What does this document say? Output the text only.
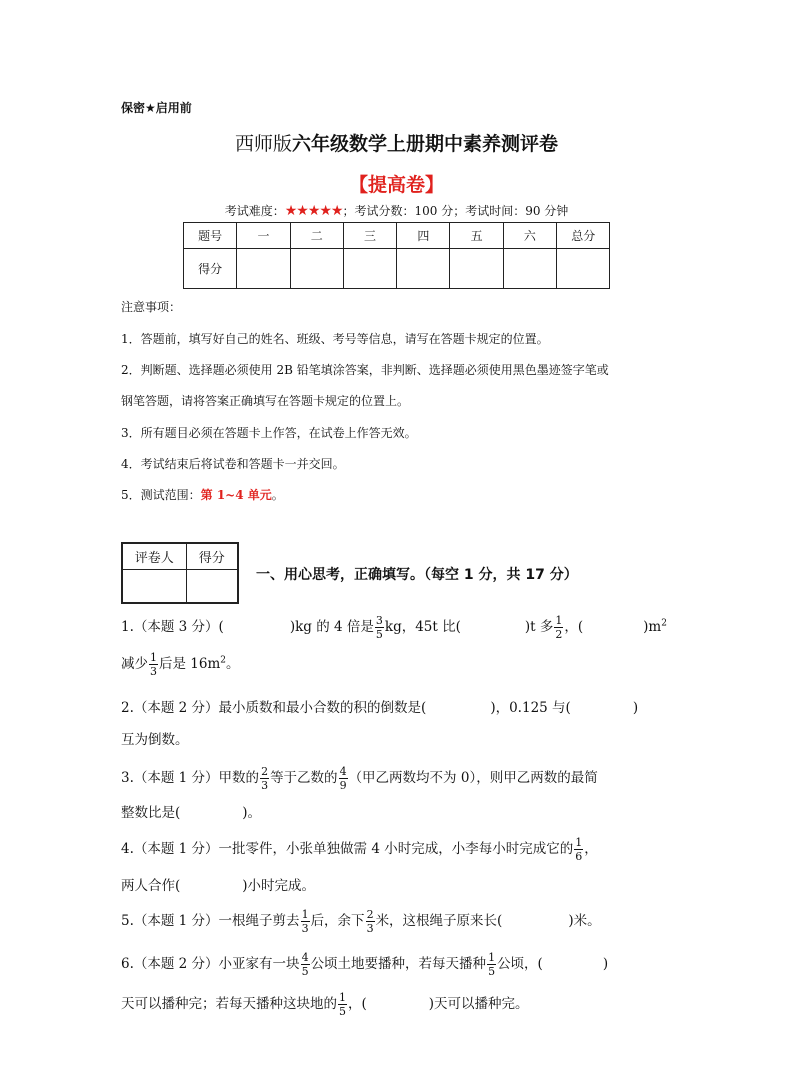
保密★启用前
西师版六年级数学上册期中素养测评卷
【提高卷】
考试难度：★★★★★；考试分数：100 分；考试时间：90 分钟
题号	一	二	三	四	五	六	总分
得分							
注意事项：
1．答题前，填写好自己的姓名、班级、考号等信息，请写在答题卡规定的位置。
2．判断题、选择题必须使用 2B 铅笔填涂答案，非判断、选择题必须使用黑色墨迹签字笔或
钢笔答题，请将答案正确填写在答题卡规定的位置上。
3．所有题目必须在答题卡上作答，在试卷上作答无效。
4．考试结束后将试卷和答题卡一并交回。
5．测试范围：第 1~4 单元。
评卷人	得分

一、用心思考，正确填写。（每空 1 分，共 17 分）
1.（本题 3 分）(	)kg 的 4 倍是 $\frac{3}{5}$ kg，45t 比(	)t 多 $\frac{1}{2}$ ，(	)$m^2$
减少 $\frac{1}{3}$ 后是 $16m^2$。
2.（本题 2 分）最小质数和最小合数的积的倒数是(	)，0.125 与(	)
互为倒数。
3.（本题 1 分）甲数的 $\frac{2}{3}$ 等于乙数的 $\frac{4}{9}$ （甲乙两数均不为 0），则甲乙两数的最简
整数比是(	)。
4.（本题 1 分）一批零件，小张单独做需 4 小时完成，小李每小时完成它的 $\frac{1}{6}$ ，
两人合作(	)小时完成。
5.（本题 1 分）一根绳子剪去 $\frac{1}{3}$ 后，余下 $\frac{2}{3}$ 米，这根绳子原来长(	)米。
6.（本题 2 分）小亚家有一块 $\frac{4}{5}$ 公顷土地要播种，若每天播种 $\frac{1}{5}$ 公顷，(	)
天可以播种完；若每天播种这块地的 $\frac{1}{5}$ ，(	)天可以播种完。
